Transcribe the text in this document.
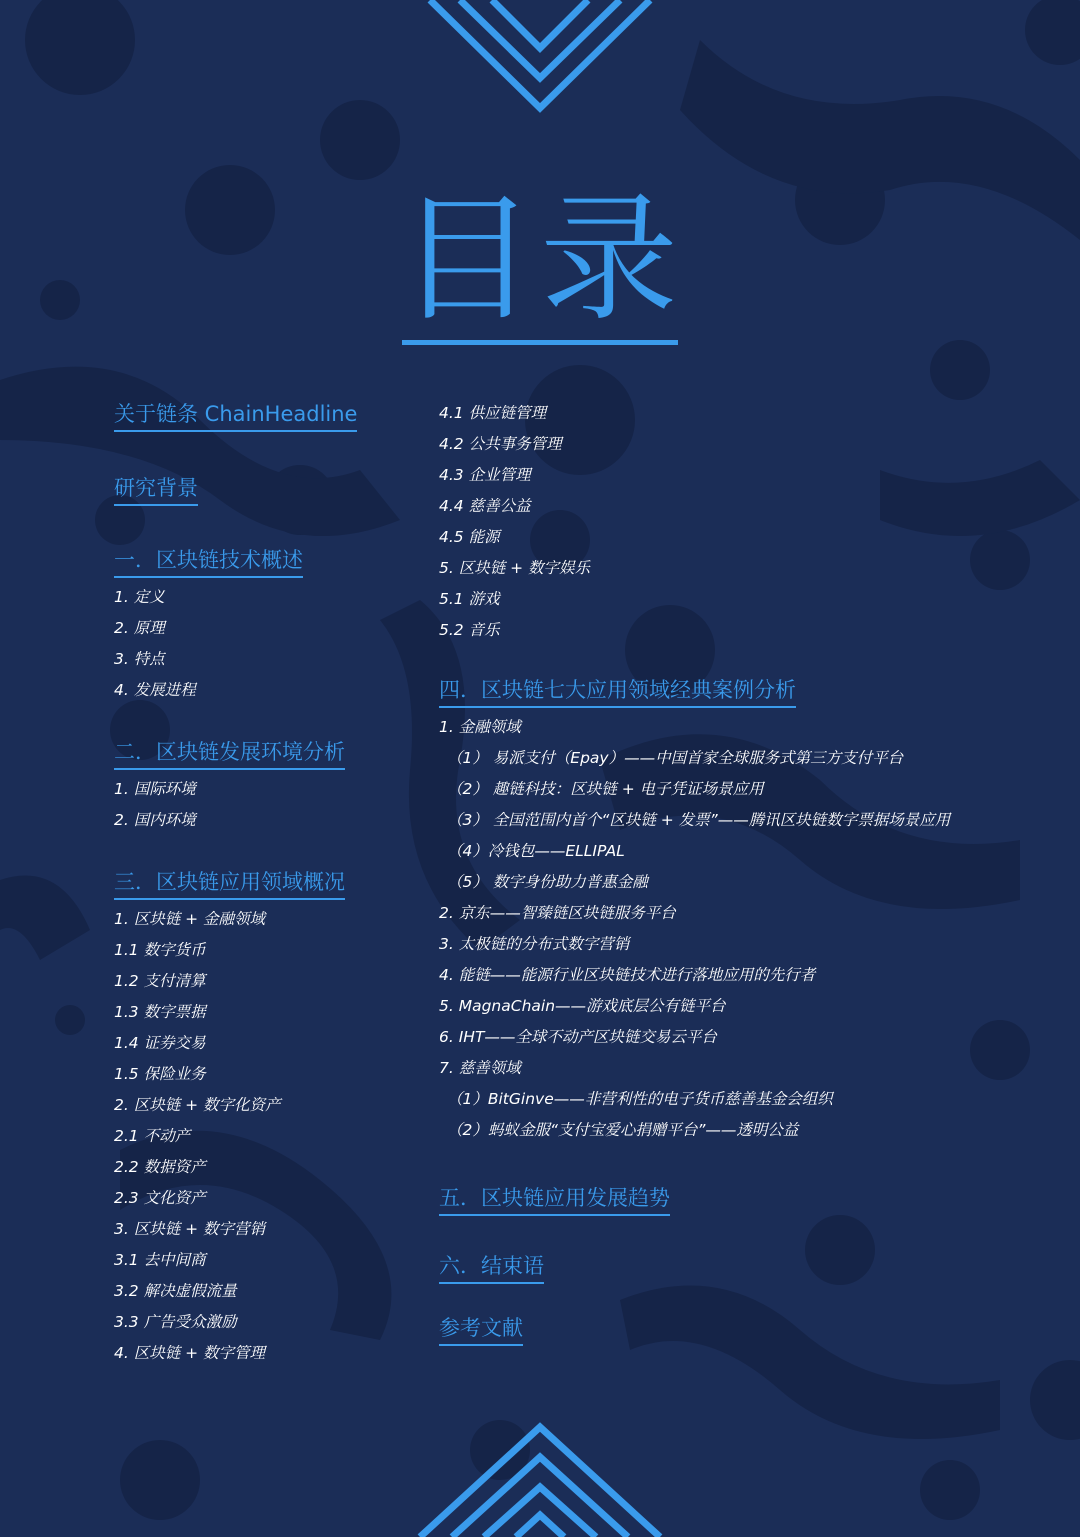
目录
关于链条 ChainHeadline
研究背景
一．区块链技术概述
1. 定义
2. 原理
3. 特点
4. 发展进程
二．区块链发展环境分析
1. 国际环境
2. 国内环境
三．区块链应用领域概况
1. 区块链 + 金融领域
1.1 数字货币
1.2 支付清算
1.3 数字票据
1.4 证券交易
1.5 保险业务
2. 区块链 + 数字化资产
2.1 不动产
2.2 数据资产
2.3 文化资产
3. 区块链 + 数字营销
3.1 去中间商
3.2 解决虚假流量
3.3 广告受众激励
4. 区块链 + 数字管理
4.1 供应链管理
4.2 公共事务管理
4.3 企业管理
4.4 慈善公益
4.5 能源
5. 区块链 + 数字娱乐
5.1 游戏
5.2 音乐
四．区块链七大应用领域经典案例分析
1. 金融领域
（1） 易派支付（Epay）——中国首家全球服务式第三方支付平台
（2） 趣链科技：区块链 + 电子凭证场景应用
（3） 全国范围内首个“区块链 + 发票”——腾讯区块链数字票据场景应用
（4）冷钱包——ELLIPAL
（5） 数字身份助力普惠金融
2. 京东——智臻链区块链服务平台
3. 太极链的分布式数字营销
4. 能链——能源行业区块链技术进行落地应用的先行者
5. MagnaChain——游戏底层公有链平台
6. IHT——全球不动产区块链交易云平台
7. 慈善领域
（1）BitGinve——非营利性的电子货币慈善基金会组织
（2）蚂蚁金服“支付宝爱心捐赠平台”——透明公益
五．区块链应用发展趋势
六．结束语
参考文献
